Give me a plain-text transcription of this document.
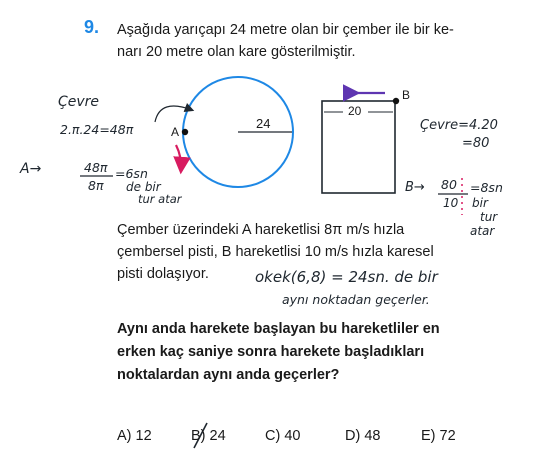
9. Aşağıda yarıçapı 24 metre olan bir çember ile bir ke-
narı 20 metre olan kare gösterilmiştir.
24
A
20
B
Çevre
2.π.24=48π
A→	48π
8π
=6sn
de bir
tur atar
Çevre=4.20
=80
B→ 80
10
=8sn
bir
tur
atar
Çember üzerindeki A hareketlisi 8π m/s hızla
çembersel pisti, B hareketlisi 10 m/s hızla karesel
pisti dolaşıyor.	okek(6,8) = 24sn. de bir
aynı noktadan geçerler.
Aynı anda harekete başlayan bu hareketliler en
erken kaç saniye sonra harekete başladıkları
noktalardan aynı anda geçerler?
A) 12	B) 24	C) 40	D) 48	E) 72
